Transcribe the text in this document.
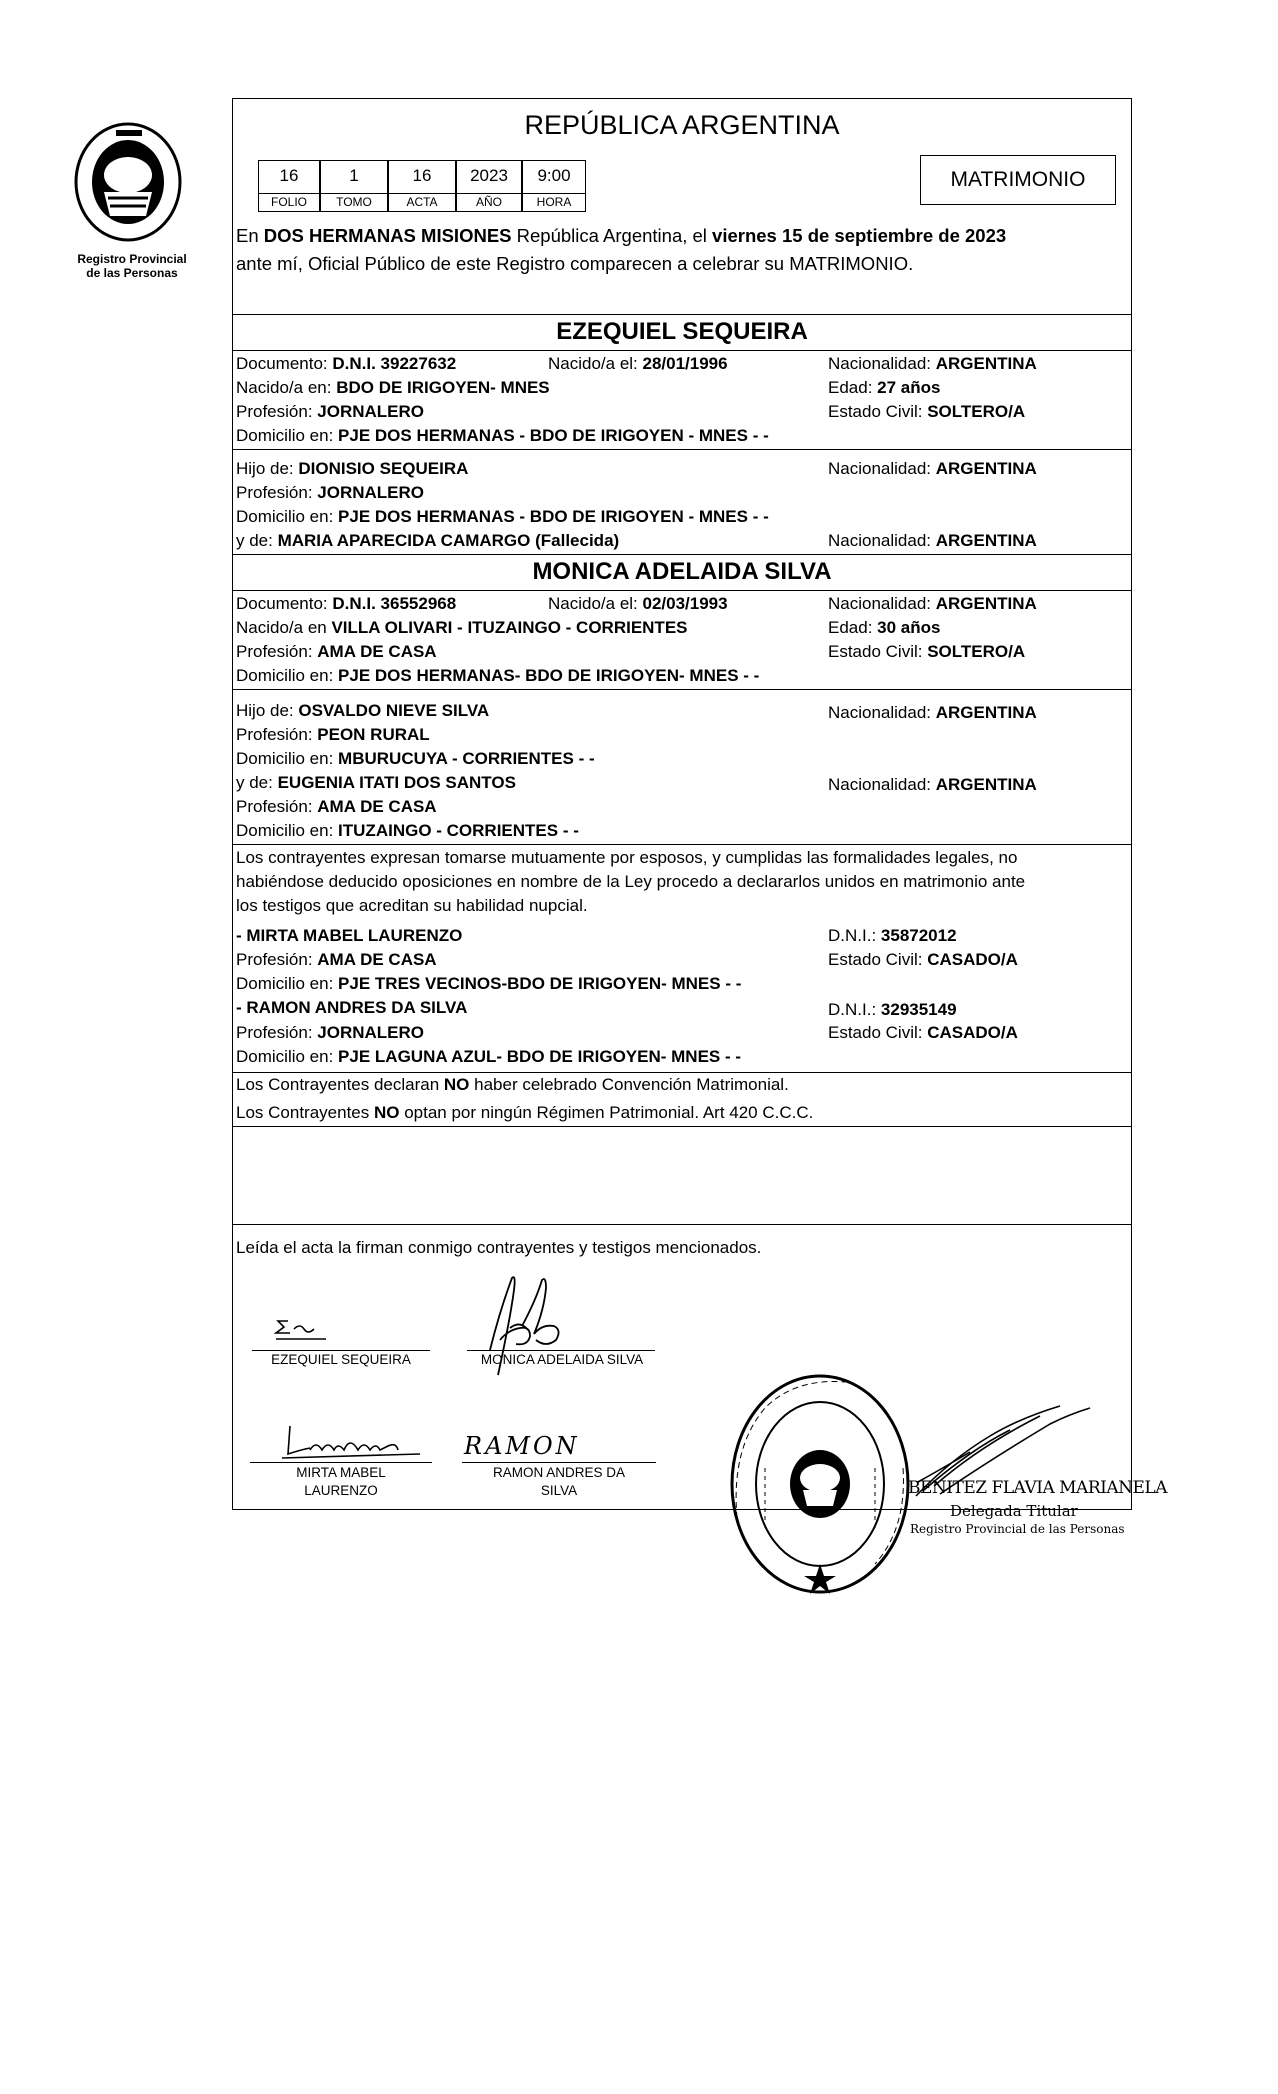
Registro Provincial
de las Personas
REPÚBLICA ARGENTINA
16	1	16	2023	9:00
FOLIO	TOMO	ACTA	AÑO	HORA
MATRIMONIO
En DOS HERMANAS MISIONES República Argentina, el viernes 15 de septiembre de 2023
ante mí, Oficial Público de este Registro comparecen a celebrar su MATRIMONIO.
EZEQUIEL SEQUEIRA
Documento: D.N.I. 39227632	Nacido/a el: 28/01/1996	Nacionalidad: ARGENTINA
Nacido/a en: BDO DE IRIGOYEN- MNES	Edad: 27 años
Profesión: JORNALERO	Estado Civil: SOLTERO/A
Domicilio en: PJE DOS HERMANAS - BDO DE IRIGOYEN - MNES - -
Hijo de: DIONISIO SEQUEIRA	Nacionalidad: ARGENTINA
Profesión: JORNALERO
Domicilio en: PJE DOS HERMANAS - BDO DE IRIGOYEN - MNES - -
y de: MARIA APARECIDA CAMARGO (Fallecida)	Nacionalidad: ARGENTINA
MONICA ADELAIDA SILVA
Documento: D.N.I. 36552968	Nacido/a el: 02/03/1993	Nacionalidad: ARGENTINA
Nacido/a en VILLA OLIVARI - ITUZAINGO - CORRIENTES	Edad: 30 años
Profesión: AMA DE CASA	Estado Civil: SOLTERO/A
Domicilio en: PJE DOS HERMANAS- BDO DE IRIGOYEN- MNES - -
Hijo de: OSVALDO NIEVE SILVA	Nacionalidad: ARGENTINA
Profesión: PEON RURAL
Domicilio en: MBURUCUYA - CORRIENTES - -
y de: EUGENIA ITATI DOS SANTOS	Nacionalidad: ARGENTINA
Profesión: AMA DE CASA
Domicilio en: ITUZAINGO - CORRIENTES - -
Los contrayentes expresan tomarse mutuamente por esposos, y cumplidas las formalidades legales, no
habiéndose deducido oposiciones en nombre de la Ley procedo a declararlos unidos en matrimonio ante
los testigos que acreditan su habilidad nupcial.
- MIRTA MABEL LAURENZO	D.N.I.: 35872012
Profesión: AMA DE CASA	Estado Civil: CASADO/A
Domicilio en: PJE TRES VECINOS-BDO DE IRIGOYEN- MNES - -
- RAMON ANDRES DA SILVA	D.N.I.: 32935149
Profesión: JORNALERO	Estado Civil: CASADO/A
Domicilio en: PJE LAGUNA AZUL- BDO DE IRIGOYEN- MNES - -
Los Contrayentes declaran NO haber celebrado Convención Matrimonial.
Los Contrayentes NO optan por ningún Régimen Patrimonial. Art 420 C.C.C.
Leída el acta la firman conmigo contrayentes y testigos mencionados.
EZEQUIEL SEQUEIRA	MONICA ADELAIDA SILVA
MIRTA MABEL
LAURENZO
RAMON
RAMON ANDRES DA
SILVA	BENITEZ FLAVIA MARIANELA
Delegada Titular
Registro Provincial de las Personas
